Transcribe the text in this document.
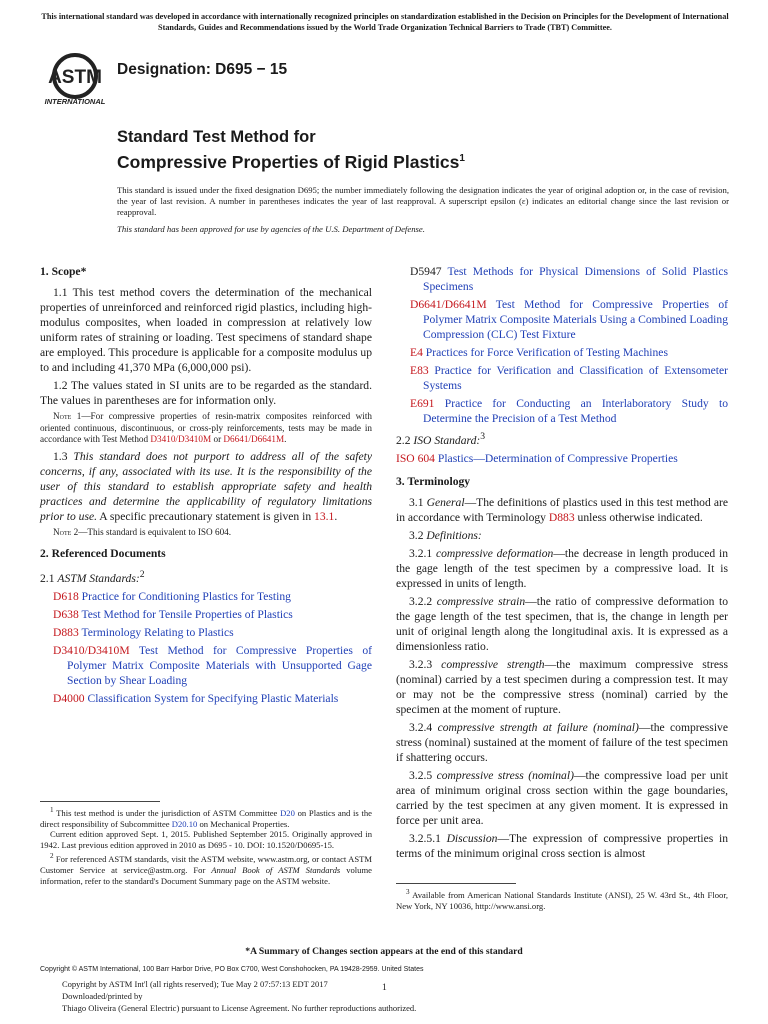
This international standard was developed in accordance with internationally recognized principles on standardization established in the Decision on Principles for the Development of International Standards, Guides and Recommendations issued by the World Trade Organization Technical Barriers to Trade (TBT) Committee.
ASTM
INTERNATIONAL
Designation: D695 − 15
Standard Test Method for
Compressive Properties of Rigid Plastics$^1$

This standard is issued under the fixed designation D695; the number immediately following the designation indicates the year of original adoption or, in the case of revision, the year of last revision. A number in parentheses indicates the year of last reapproval. A superscript epsilon (ε) indicates an editorial change since the last revision or reapproval.

This standard has been approved for use by agencies of the U.S. Department of Defense.

1. Scope*

1.1 This test method covers the determination of the mechanical properties of unreinforced and reinforced rigid plastics, including high-modulus composites, when loaded in compression at relatively low uniform rates of straining or loading. Test specimens of standard shape are employed. This procedure is applicable for a composite modulus up to and including 41,370 MPa (6,000,000 psi).

1.2 The values stated in SI units are to be regarded as the standard. The values in parentheses are for information only.

Note 1—For compressive properties of resin-matrix composites reinforced with oriented continuous, discontinuous, or cross-ply reinforcements, tests may be made in accordance with Test Method D3410/D3410M or D6641/D6641M.

1.3 This standard does not purport to address all of the safety concerns, if any, associated with its use. It is the responsibility of the user of this standard to establish appropriate safety and health practices and determine the applicability of regulatory limitations prior to use. A specific precautionary statement is given in 13.1.

Note 2—This standard is equivalent to ISO 604.

2. Referenced Documents

2.1 ASTM Standards:$^2$

D618 Practice for Conditioning Plastics for Testing

D638 Test Method for Tensile Properties of Plastics

D883 Terminology Relating to Plastics

D3410/D3410M Test Method for Compressive Properties of Polymer Matrix Composite Materials with Unsupported Gage Section by Shear Loading

D4000 Classification System for Specifying Plastic Materials

D5947 Test Methods for Physical Dimensions of Solid Plastics Specimens

D6641/D6641M Test Method for Compressive Properties of Polymer Matrix Composite Materials Using a Combined Loading Compression (CLC) Test Fixture

E4 Practices for Force Verification of Testing Machines

E83 Practice for Verification and Classification of Extensometer Systems

E691 Practice for Conducting an Interlaboratory Study to Determine the Precision of a Test Method

2.2 ISO Standard:$^3$

ISO 604 Plastics—Determination of Compressive Properties

3. Terminology

3.1 General—The definitions of plastics used in this test method are in accordance with Terminology D883 unless otherwise indicated.

3.2 Definitions:

3.2.1 compressive deformation—the decrease in length produced in the gage length of the test specimen by a compressive load. It is expressed in units of length.

3.2.2 compressive strain—the ratio of compressive deformation to the gage length of the test specimen, that is, the change in length per unit of original length along the longitudinal axis. It is expressed as a dimensionless ratio.

3.2.3 compressive strength—the maximum compressive stress (nominal) carried by a test specimen during a compression test. It may or may not be the compressive stress (nominal) carried by the specimen at the moment of rupture.

3.2.4 compressive strength at failure (nominal)—the compressive stress (nominal) sustained at the moment of failure of the test specimen if shattering occurs.

3.2.5 compressive stress (nominal)—the compressive load per unit area of minimum original cross section within the gage boundaries, carried by the test specimen at any given moment. It is expressed in force per unit area.

3.2.5.1 Discussion—The expression of compressive properties in terms of the minimum original cross section is almost

$^1$ This test method is under the jurisdiction of ASTM Committee D20 on Plastics and is the direct responsibility of Subcommittee D20.10 on Mechanical Properties.

Current edition approved Sept. 1, 2015. Published September 2015. Originally approved in 1942. Last previous edition approved in 2010 as D695 - 10. DOI: 10.1520/D0695-15.

$^2$ For referenced ASTM standards, visit the ASTM website, www.astm.org, or contact ASTM Customer Service at service@astm.org. For Annual Book of ASTM Standards volume information, refer to the standard's Document Summary page on the ASTM website.

$^3$ Available from American National Standards Institute (ANSI), 25 W. 43rd St., 4th Floor, New York, NY 10036, http://www.ansi.org.

*A Summary of Changes section appears at the end of this standard
Copyright © ASTM International, 100 Barr Harbor Drive, PO Box C700, West Conshohocken, PA 19428-2959. United States
Copyright by ASTM Int'l (all rights reserved); Tue May 2 07:57:13 EDT 2017
Downloaded/printed by
Thiago Oliveira (General Electric) pursuant to License Agreement. No further reproductions authorized.
1
